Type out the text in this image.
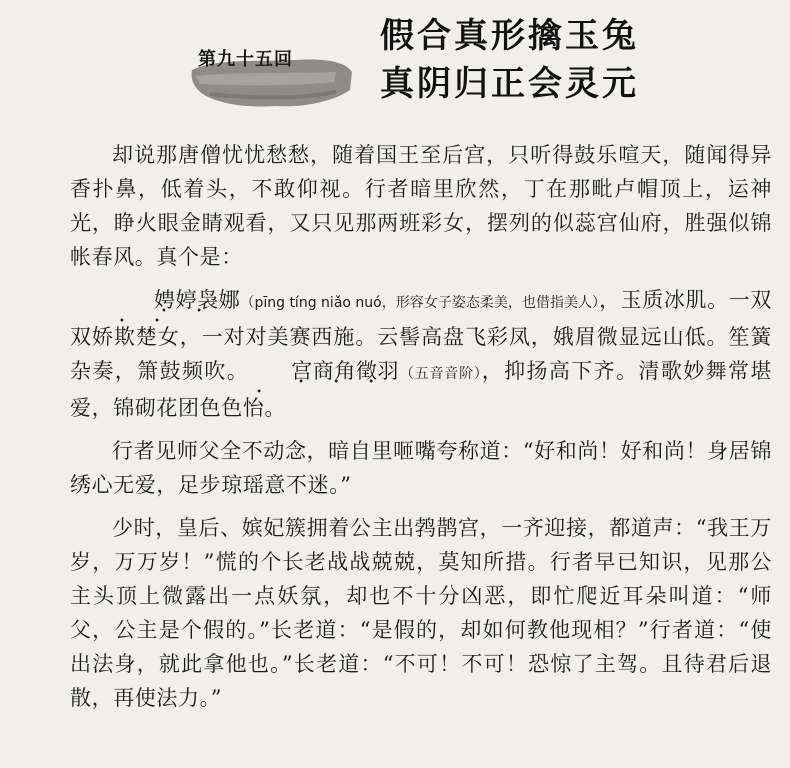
第九十五回
假合真形擒玉兔
真阴归正会灵元

却说那唐僧忧忧愁愁，随着国王至后宫，只听得鼓乐喧天，随闻得异香扑鼻，低着头，不敢仰视。行者暗里欣然，丁在那毗卢帽顶上，运神光，睁火眼金睛观看，又只见那两班彩女，摆列的似蕊宫仙府，胜强似锦帐春风。真个是：

娉婷袅娜 • • • •（pīng tíng niǎo nuó，形容女子姿态柔美，也借指美人），玉质冰肌。一双双娇欺楚女，一对对美赛西施。云髻高盘飞彩凤，娥眉微显远山低。笙簧杂奏，箫鼓频吹。 宫商角徵羽 • • • •（五音音阶），抑扬高下齐。清歌妙舞常堪爱，锦砌花团色色怡。

行者见师父全不动念，暗自里咂嘴夸称道：“好和尚！好和尚！身居锦绣心无爱，足步琼瑶意不迷。”

少时，皇后、嫔妃簇拥着公主出鹁鹊宫，一齐迎接，都道声：“我王万岁，万万岁！”慌的个长老战战兢兢，莫知所措。行者早已知识，见那公主头顶上微露出一点妖氛，却也不十分凶恶，即忙爬近耳朵叫道：“师父，公主是个假的。”长老道：“是假的，却如何教他现相？”行者道：“使出法身，就此拿他也。”长老道：“不可！不可！恐惊了主驾。且待君后退散，再使法力。”
